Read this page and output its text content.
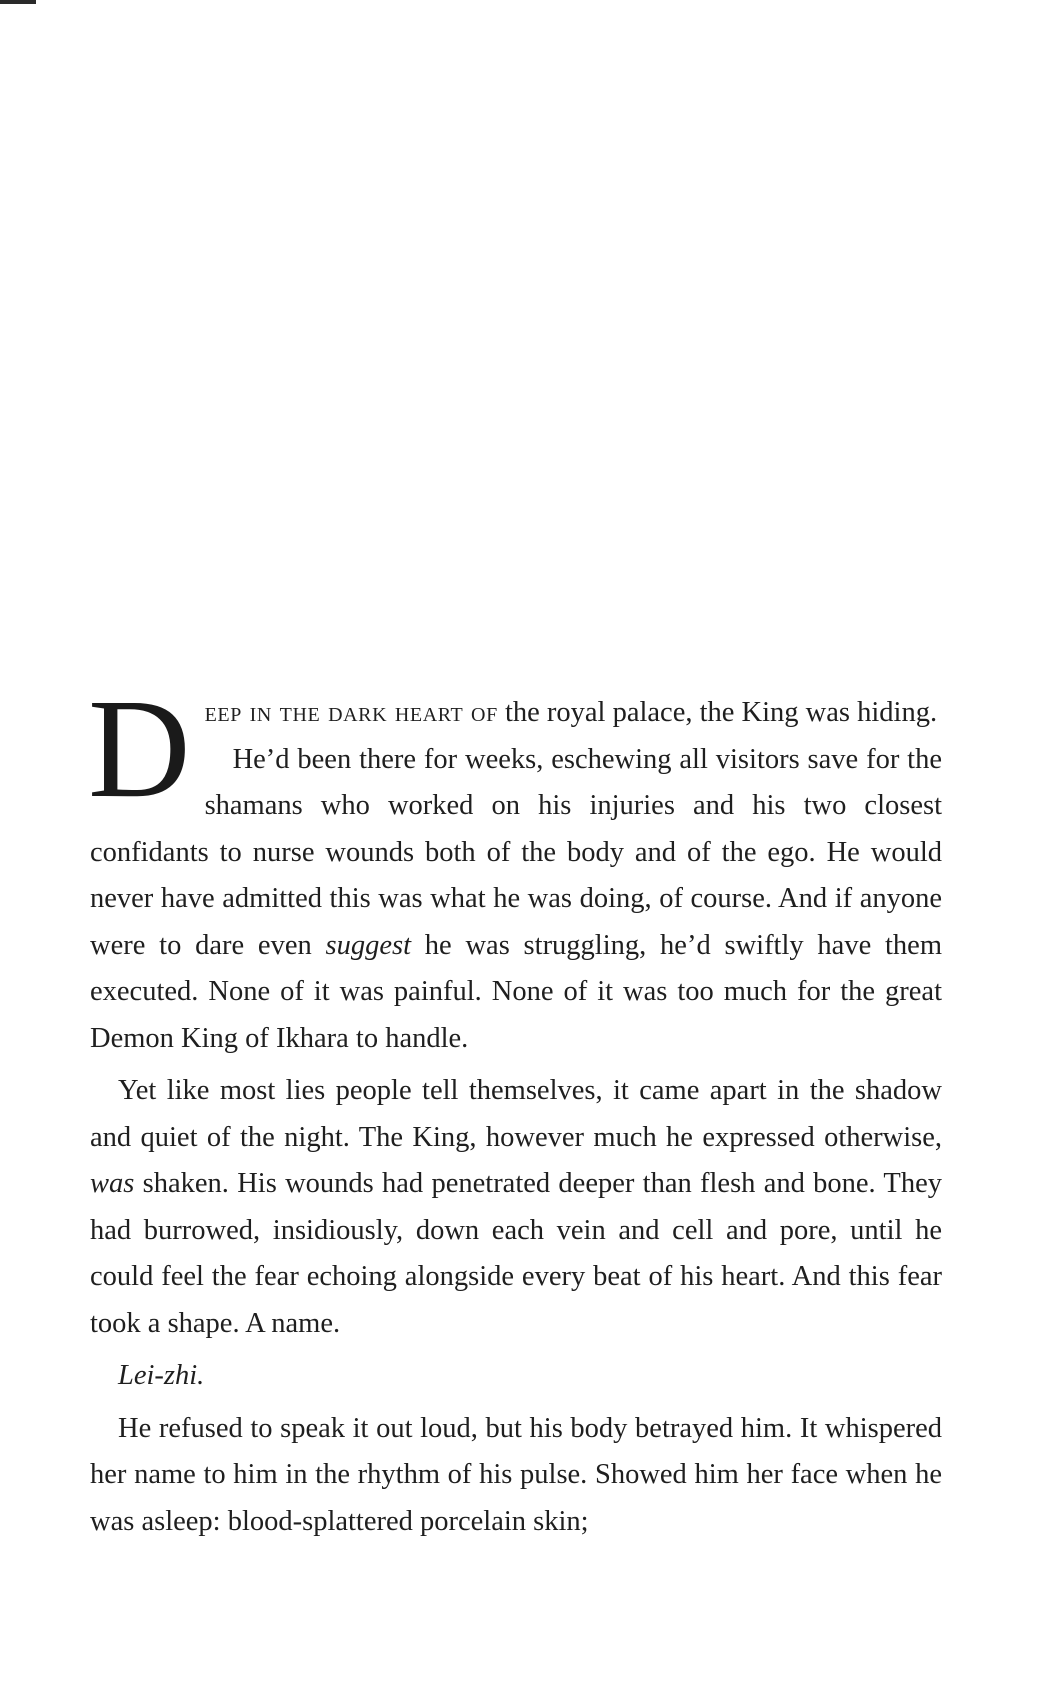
Deep in the dark heart of the royal palace, the King was hiding.

He’d been there for weeks, eschewing all visitors save for the shamans who worked on his injuries and his two closest confidants to nurse wounds both of the body and of the ego. He would never have admitted this was what he was doing, of course. And if anyone were to dare even suggest he was struggling, he’d swiftly have them executed. None of it was painful. None of it was too much for the great Demon King of Ikhara to handle.

Yet like most lies people tell themselves, it came apart in the shadow and quiet of the night. The King, however much he expressed otherwise, was shaken. His wounds had penetrated deeper than flesh and bone. They had burrowed, insidiously, down each vein and cell and pore, until he could feel the fear echoing alongside every beat of his heart. And this fear took a shape. A name.

Lei-zhi.

He refused to speak it out loud, but his body betrayed him. It whispered her name to him in the rhythm of his pulse. Showed him her face when he was asleep: blood-splattered porcelain skin;
